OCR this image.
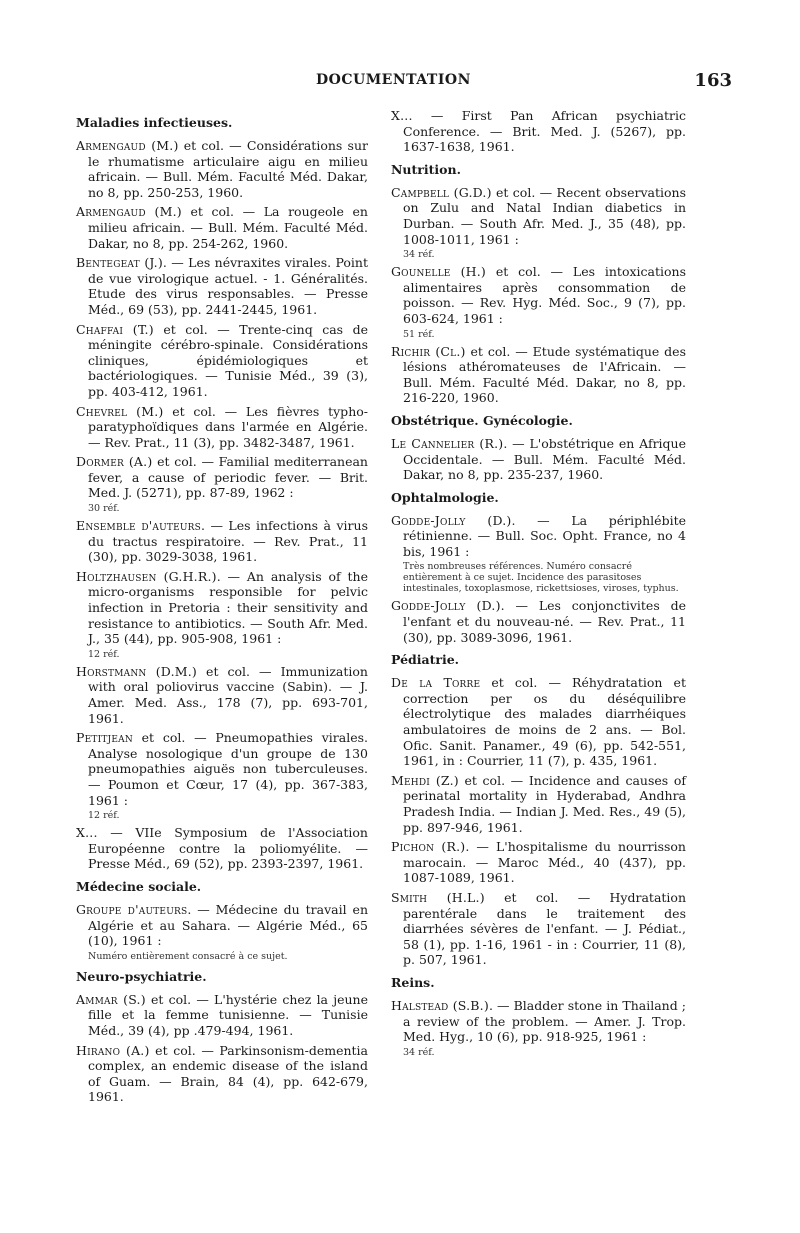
DOCUMENTATION	163
Maladies infectieuses.
Armengaud (M.) et col. — Considérations sur le rhumatisme articulaire aigu en milieu africain. — Bull. Mém. Faculté Méd. Dakar, no 8, pp. 250-253, 1960.
Armengaud (M.) et col. — La rougeole en milieu africain. — Bull. Mém. Faculté Méd. Dakar, no 8, pp. 254-262, 1960.
Bentegeat (J.). — Les névraxites virales. Point de vue virologique actuel. - 1. Généralités. Etude des virus responsables. — Presse Méd., 69 (53), pp. 2441-2445, 1961.
Chaffai (T.) et col. — Trente-cinq cas de méningite cérébro-spinale. Considérations cliniques, épidémiologiques et bactériologiques. — Tunisie Méd., 39 (3), pp. 403-412, 1961.
Chevrel (M.) et col. — Les fièvres typho-paratyphoïdiques dans l'armée en Algérie. — Rev. Prat., 11 (3), pp. 3482-3487, 1961.
Dormer (A.) et col. — Familial mediterranean fever, a cause of periodic fever. — Brit. Med. J. (5271), pp. 87-89, 1962 :
30 réf.
Ensemble d'auteurs. — Les infections à virus du tractus respiratoire. — Rev. Prat., 11 (30), pp. 3029-3038, 1961.
Holtzhausen (G.H.R.). — An analysis of the micro-organisms responsible for pelvic infection in Pretoria : their sensitivity and resistance to antibiotics. — South Afr. Med. J., 35 (44), pp. 905-908, 1961 :
12 réf.
Horstmann (D.M.) et col. — Immunization with oral poliovirus vaccine (Sabin). — J. Amer. Med. Ass., 178 (7), pp. 693-701, 1961.
Petitjean et col. — Pneumopathies virales. Analyse nosologique d'un groupe de 130 pneumopathies aiguës non tuberculeuses. — Poumon et Cœur, 17 (4), pp. 367-383, 1961 :
12 réf.
X... — VIIe Symposium de l'Association Européenne contre la poliomyélite. — Presse Méd., 69 (52), pp. 2393-2397, 1961.
Médecine sociale.
Groupe d'auteurs. — Médecine du travail en Algérie et au Sahara. — Algérie Méd., 65 (10), 1961 :
Numéro entièrement consacré à ce sujet.
Neuro-psychiatrie.
Ammar (S.) et col. — L'hystérie chez la jeune fille et la femme tunisienne. — Tunisie Méd., 39 (4), pp .479-494, 1961.
Hirano (A.) et col. — Parkinsonism-dementia complex, an endemic disease of the island of Guam. — Brain, 84 (4), pp. 642-679, 1961.
X... — First Pan African psychiatric Conference. — Brit. Med. J. (5267), pp. 1637-1638, 1961.
Nutrition.
Campbell (G.D.) et col. — Recent observations on Zulu and Natal Indian diabetics in Durban. — South Afr. Med. J., 35 (48), pp. 1008-1011, 1961 :
34 réf.
Gounelle (H.) et col. — Les intoxications alimentaires après consommation de poisson. — Rev. Hyg. Méd. Soc., 9 (7), pp. 603-624, 1961 :
51 réf.
Richir (Cl.) et col. — Etude systématique des lésions athéromateuses de l'Africain. — Bull. Mém. Faculté Méd. Dakar, no 8, pp. 216-220, 1960.
Obstétrique. Gynécologie.
Le Cannelier (R.). — L'obstétrique en Afrique Occidentale. — Bull. Mém. Faculté Méd. Dakar, no 8, pp. 235-237, 1960.
Ophtalmologie.
Godde-Jolly (D.). — La périphlébite rétinienne. — Bull. Soc. Opht. France, no 4 bis, 1961 :
Très nombreuses références. Numéro consacré entièrement à ce sujet. Incidence des parasitoses intestinales, toxoplasmose, rickettsioses, viroses, typhus.
Godde-Jolly (D.). — Les conjonctivites de l'enfant et du nouveau-né. — Rev. Prat., 11 (30), pp. 3089-3096, 1961.
Pédiatrie.
De la Torre et col. — Réhydratation et correction per os du déséquilibre électrolytique des malades diarrhéiques ambulatoires de moins de 2 ans. — Bol. Ofic. Sanit. Panamer., 49 (6), pp. 542-551, 1961, in : Courrier, 11 (7), p. 435, 1961.
Mehdi (Z.) et col. — Incidence and causes of perinatal mortality in Hyderabad, Andhra Pradesh India. — Indian J. Med. Res., 49 (5), pp. 897-946, 1961.
Pichon (R.). — L'hospitalisme du nourrisson marocain. — Maroc Méd., 40 (437), pp. 1087-1089, 1961.
Smith (H.L.) et col. — Hydratation parentérale dans le traitement des diarrhées sévères de l'enfant. — J. Pédiat., 58 (1), pp. 1-16, 1961 - in : Courrier, 11 (8), p. 507, 1961.
Reins.
Halstead (S.B.). — Bladder stone in Thailand ; a review of the problem. — Amer. J. Trop. Med. Hyg., 10 (6), pp. 918-925, 1961 :
34 réf.
